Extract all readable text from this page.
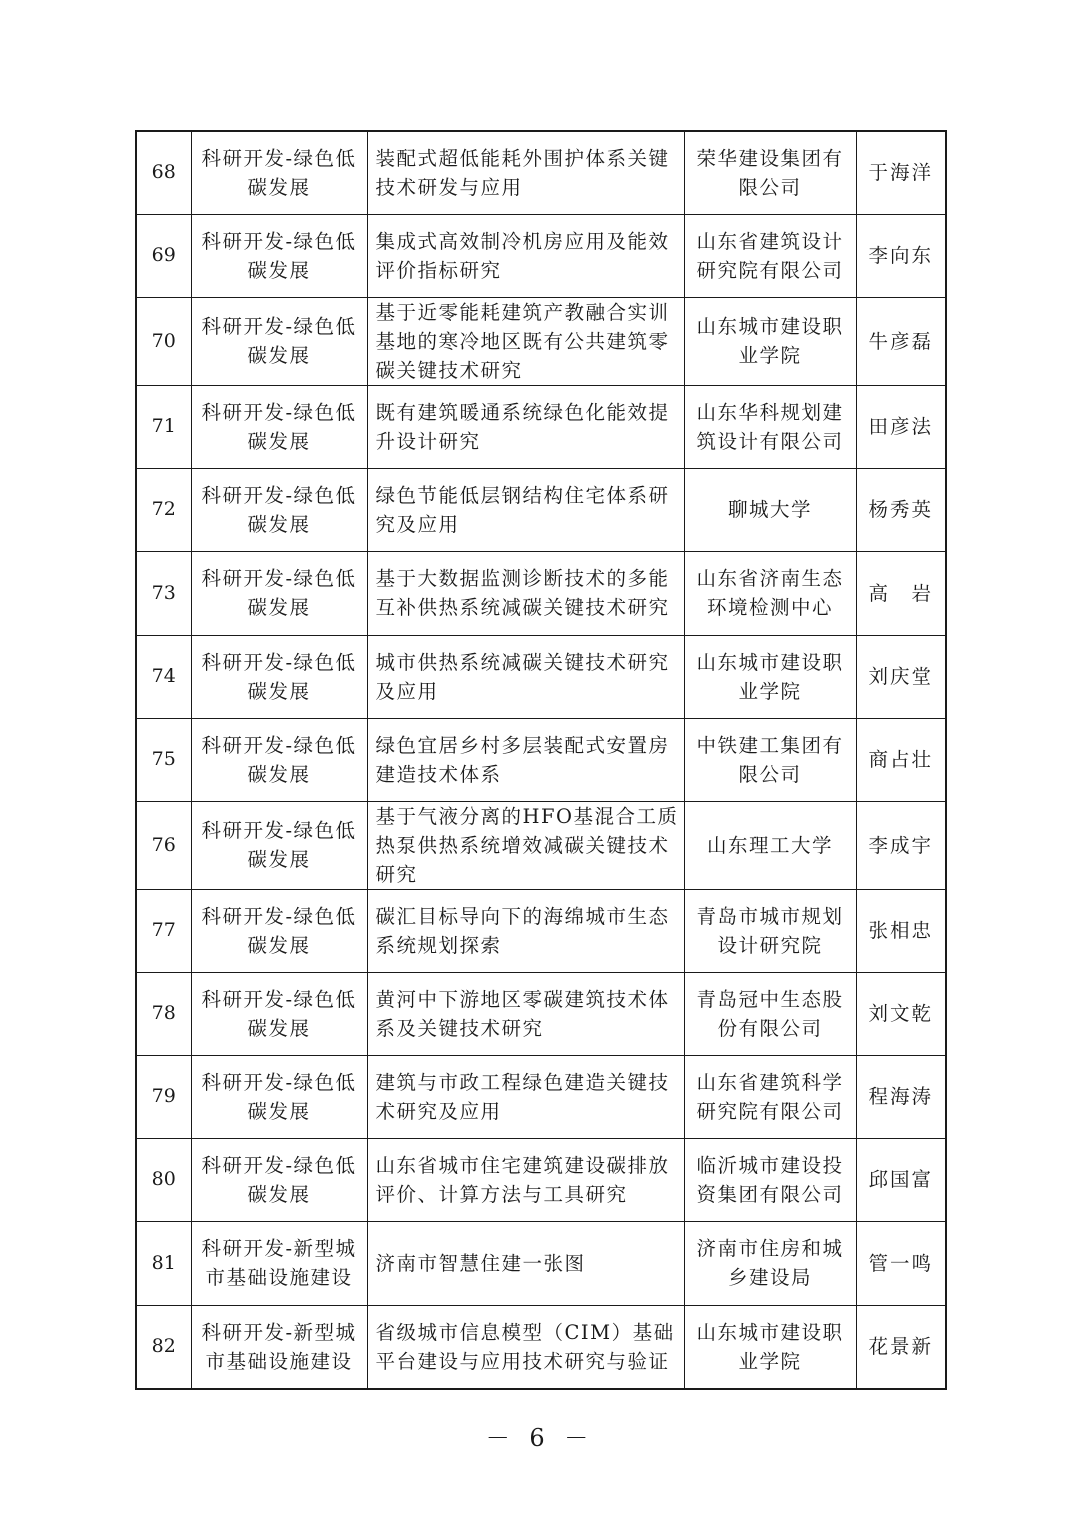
68	科研开发-绿色低碳发展	装配式超低能耗外围护体系关键技术研发与应用	荣华建设集团有限公司	于海洋
69	科研开发-绿色低碳发展	集成式高效制冷机房应用及能效评价指标研究	山东省建筑设计研究院有限公司	李向东
70	科研开发-绿色低碳发展	基于近零能耗建筑产教融合实训基地的寒冷地区既有公共建筑零碳关键技术研究	山东城市建设职业学院	牛彦磊
71	科研开发-绿色低碳发展	既有建筑暖通系统绿色化能效提升设计研究	山东华科规划建筑设计有限公司	田彦法
72	科研开发-绿色低碳发展	绿色节能低层钢结构住宅体系研究及应用	聊城大学	杨秀英
73	科研开发-绿色低碳发展	基于大数据监测诊断技术的多能互补供热系统减碳关键技术研究	山东省济南生态环境检测中心	高　岩
74	科研开发-绿色低碳发展	城市供热系统减碳关键技术研究及应用	山东城市建设职业学院	刘庆堂
75	科研开发-绿色低碳发展	绿色宜居乡村多层装配式安置房建造技术体系	中铁建工集团有限公司	商占壮
76	科研开发-绿色低碳发展	基于气液分离的HFO基混合工质热泵供热系统增效减碳关键技术研究	山东理工大学	李成宇
77	科研开发-绿色低碳发展	碳汇目标导向下的海绵城市生态系统规划探索	青岛市城市规划设计研究院	张相忠
78	科研开发-绿色低碳发展	黄河中下游地区零碳建筑技术体系及关键技术研究	青岛冠中生态股份有限公司	刘文乾
79	科研开发-绿色低碳发展	建筑与市政工程绿色建造关键技术研究及应用	山东省建筑科学研究院有限公司	程海涛
80	科研开发-绿色低碳发展	山东省城市住宅建筑建设碳排放评价、计算方法与工具研究	临沂城市建设投资集团有限公司	邱国富
81	科研开发-新型城市基础设施建设	济南市智慧住建一张图	济南市住房和城乡建设局	管一鸣
82	科研开发-新型城市基础设施建设	省级城市信息模型（CIM）基础平台建设与应用技术研究与验证	山东城市建设职业学院	花景新
－ 6 －
